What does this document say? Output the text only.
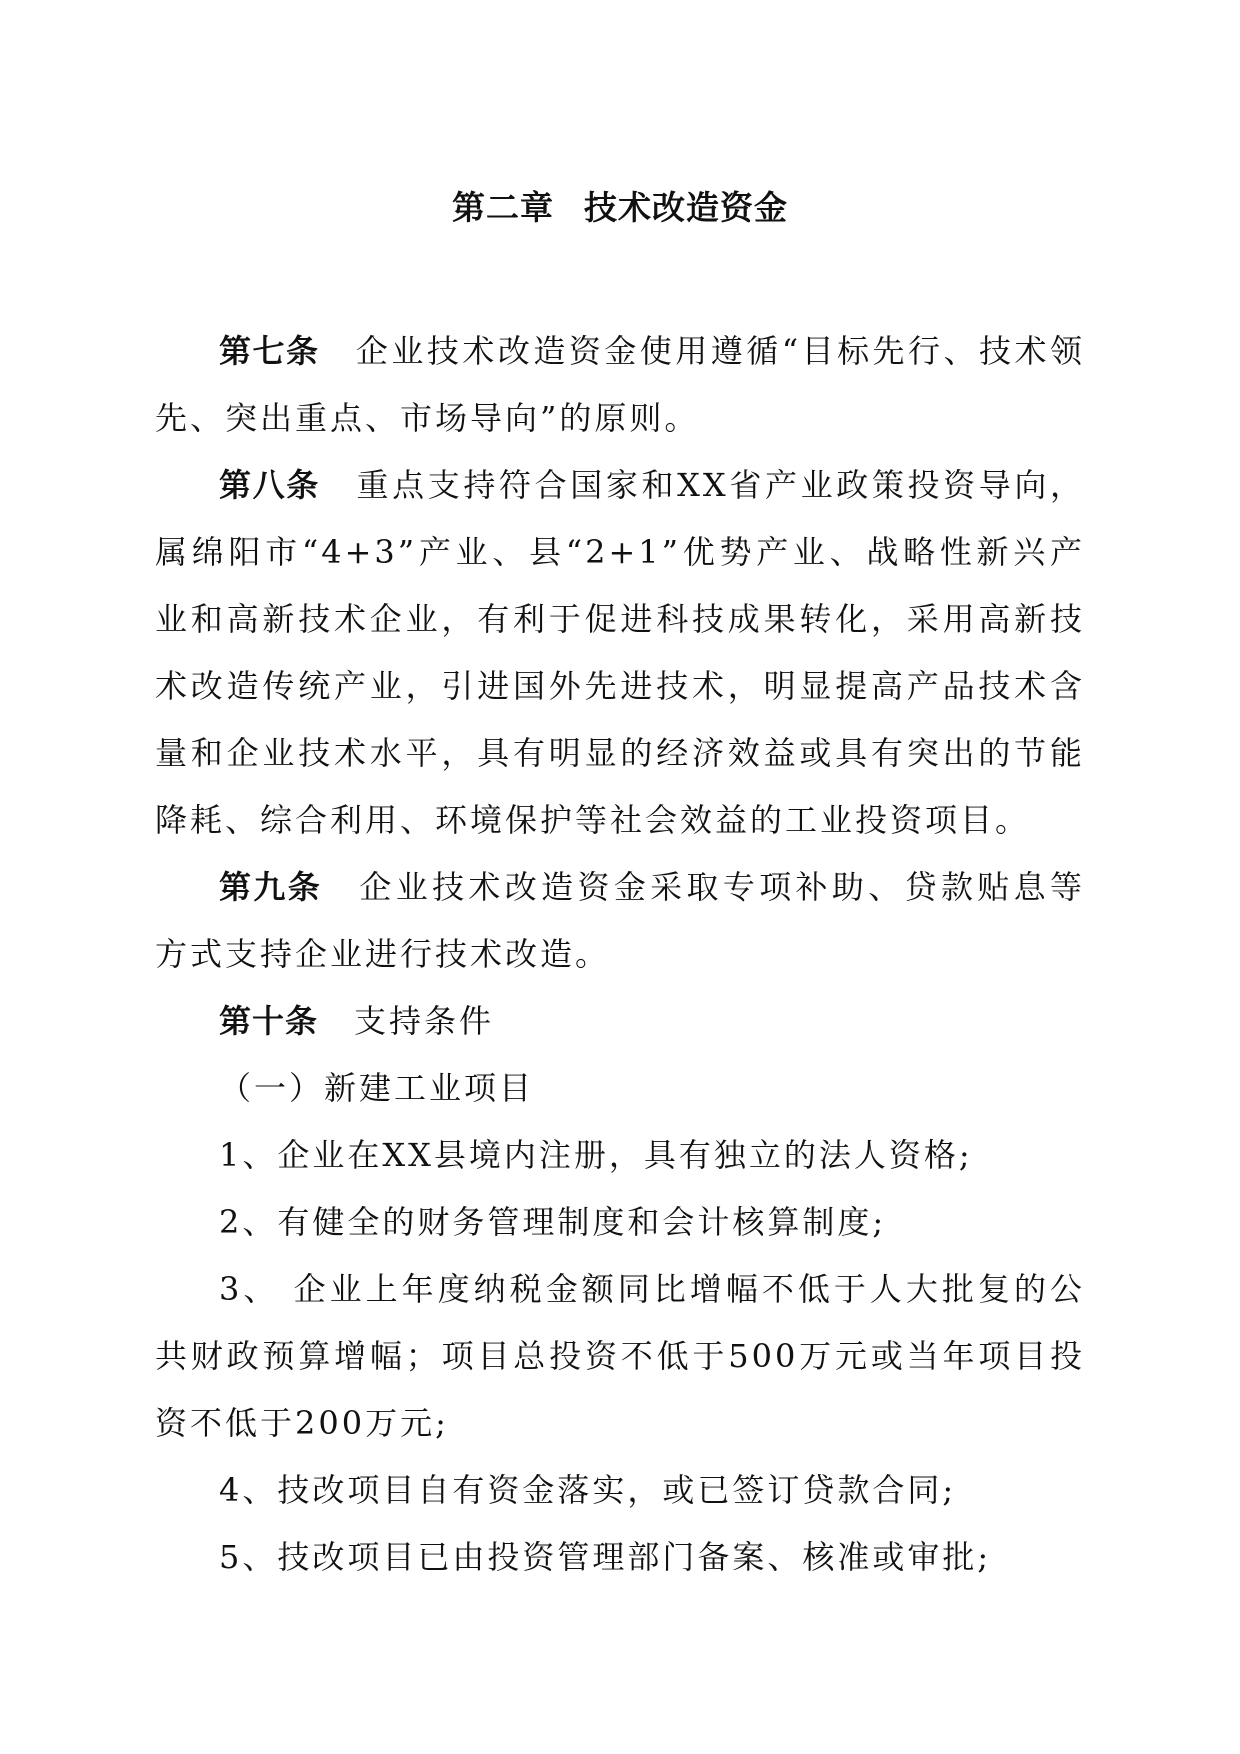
第二章 技术改造资金

第七条 企业技术改造资金使用遵循“目标先行、技术领先、突出重点、市场导向”的原则。

第八条 重点支持符合国家和XX省产业政策投资导向，属绵阳市“4+3”产业、县“2+1”优势产业、战略性新兴产业和高新技术企业，有利于促进科技成果转化，采用高新技术改造传统产业，引进国外先进技术，明显提高产品技术含量和企业技术水平，具有明显的经济效益或具有突出的节能降耗、综合利用、环境保护等社会效益的工业投资项目。

第九条 企业技术改造资金采取专项补助、贷款贴息等方式支持企业进行技术改造。

第十条 支持条件

（一）新建工业项目

1、企业在XX县境内注册，具有独立的法人资格;

2、有健全的财务管理制度和会计核算制度;

3、 企业上年度纳税金额同比增幅不低于人大批复的公共财政预算增幅；项目总投资不低于500万元或当年项目投资不低于200万元;

4、技改项目自有资金落实，或已签订贷款合同;

5、技改项目已由投资管理部门备案、核准或审批;
